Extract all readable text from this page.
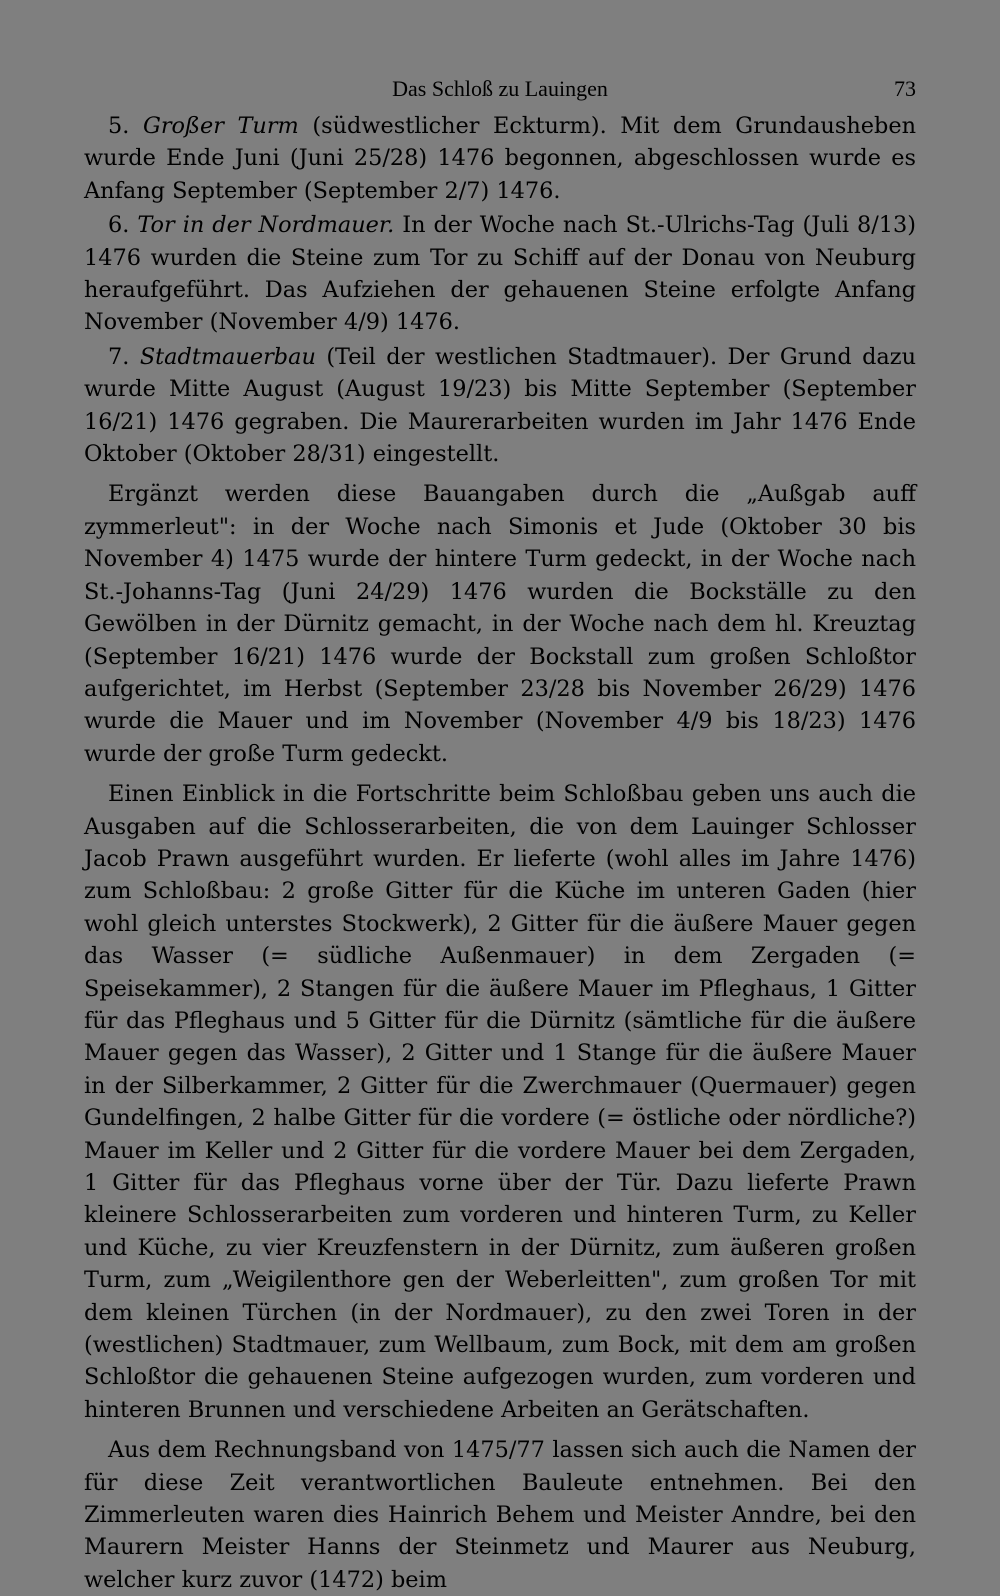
Das Schloß zu Lauingen	73

5. Großer Turm (südwestlicher Eckturm). Mit dem Grundausheben wurde Ende Juni (Juni 25/28) 1476 begonnen, abgeschlossen wurde es Anfang September (September 2/7) 1476.

6. Tor in der Nordmauer. In der Woche nach St.-Ulrichs-Tag (Juli 8/13) 1476 wurden die Steine zum Tor zu Schiff auf der Donau von Neuburg heraufgeführt. Das Aufziehen der gehauenen Steine erfolgte Anfang November (November 4/9) 1476.

7. Stadtmauerbau (Teil der westlichen Stadtmauer). Der Grund dazu wurde Mitte August (August 19/23) bis Mitte September (September 16/21) 1476 gegraben. Die Maurerarbeiten wurden im Jahr 1476 Ende Oktober (Oktober 28/31) eingestellt.

Ergänzt werden diese Bauangaben durch die „Außgab auff zymmerleut": in der Woche nach Simonis et Jude (Oktober 30 bis November 4) 1475 wurde der hintere Turm gedeckt, in der Woche nach St.-Johanns-Tag (Juni 24/29) 1476 wurden die Bockställe zu den Gewölben in der Dürnitz gemacht, in der Woche nach dem hl. Kreuztag (September 16/21) 1476 wurde der Bockstall zum großen Schloßtor aufgerichtet, im Herbst (September 23/28 bis November 26/29) 1476 wurde die Mauer und im November (November 4/9 bis 18/23) 1476 wurde der große Turm gedeckt.

Einen Einblick in die Fortschritte beim Schloßbau geben uns auch die Ausgaben auf die Schlosserarbeiten, die von dem Lauinger Schlosser Jacob Prawn ausgeführt wurden. Er lieferte (wohl alles im Jahre 1476) zum Schloßbau: 2 große Gitter für die Küche im unteren Gaden (hier wohl gleich unterstes Stockwerk), 2 Gitter für die äußere Mauer gegen das Wasser (= südliche Außenmauer) in dem Zergaden (= Speisekammer), 2 Stangen für die äußere Mauer im Pfleghaus, 1 Gitter für das Pfleghaus und 5 Gitter für die Dürnitz (sämtliche für die äußere Mauer gegen das Wasser), 2 Gitter und 1 Stange für die äußere Mauer in der Silberkammer, 2 Gitter für die Zwerchmauer (Quermauer) gegen Gundelfingen, 2 halbe Gitter für die vordere (= östliche oder nördliche?) Mauer im Keller und 2 Gitter für die vordere Mauer bei dem Zergaden, 1 Gitter für das Pfleghaus vorne über der Tür. Dazu lieferte Prawn kleinere Schlosserarbeiten zum vorderen und hinteren Turm, zu Keller und Küche, zu vier Kreuzfenstern in der Dürnitz, zum äußeren großen Turm, zum „Weigilenthore gen der Weberleitten", zum großen Tor mit dem kleinen Türchen (in der Nordmauer), zu den zwei Toren in der (westlichen) Stadtmauer, zum Wellbaum, zum Bock, mit dem am großen Schloßtor die gehauenen Steine aufgezogen wurden, zum vorderen und hinteren Brunnen und verschiedene Arbeiten an Gerätschaften.

Aus dem Rechnungsband von 1475/77 lassen sich auch die Namen der für diese Zeit verantwortlichen Bauleute entnehmen. Bei den Zimmerleuten waren dies Hainrich Behem und Meister Anndre, bei den Maurern Meister Hanns der Steinmetz und Maurer aus Neuburg, welcher kurz zuvor (1472) beim
